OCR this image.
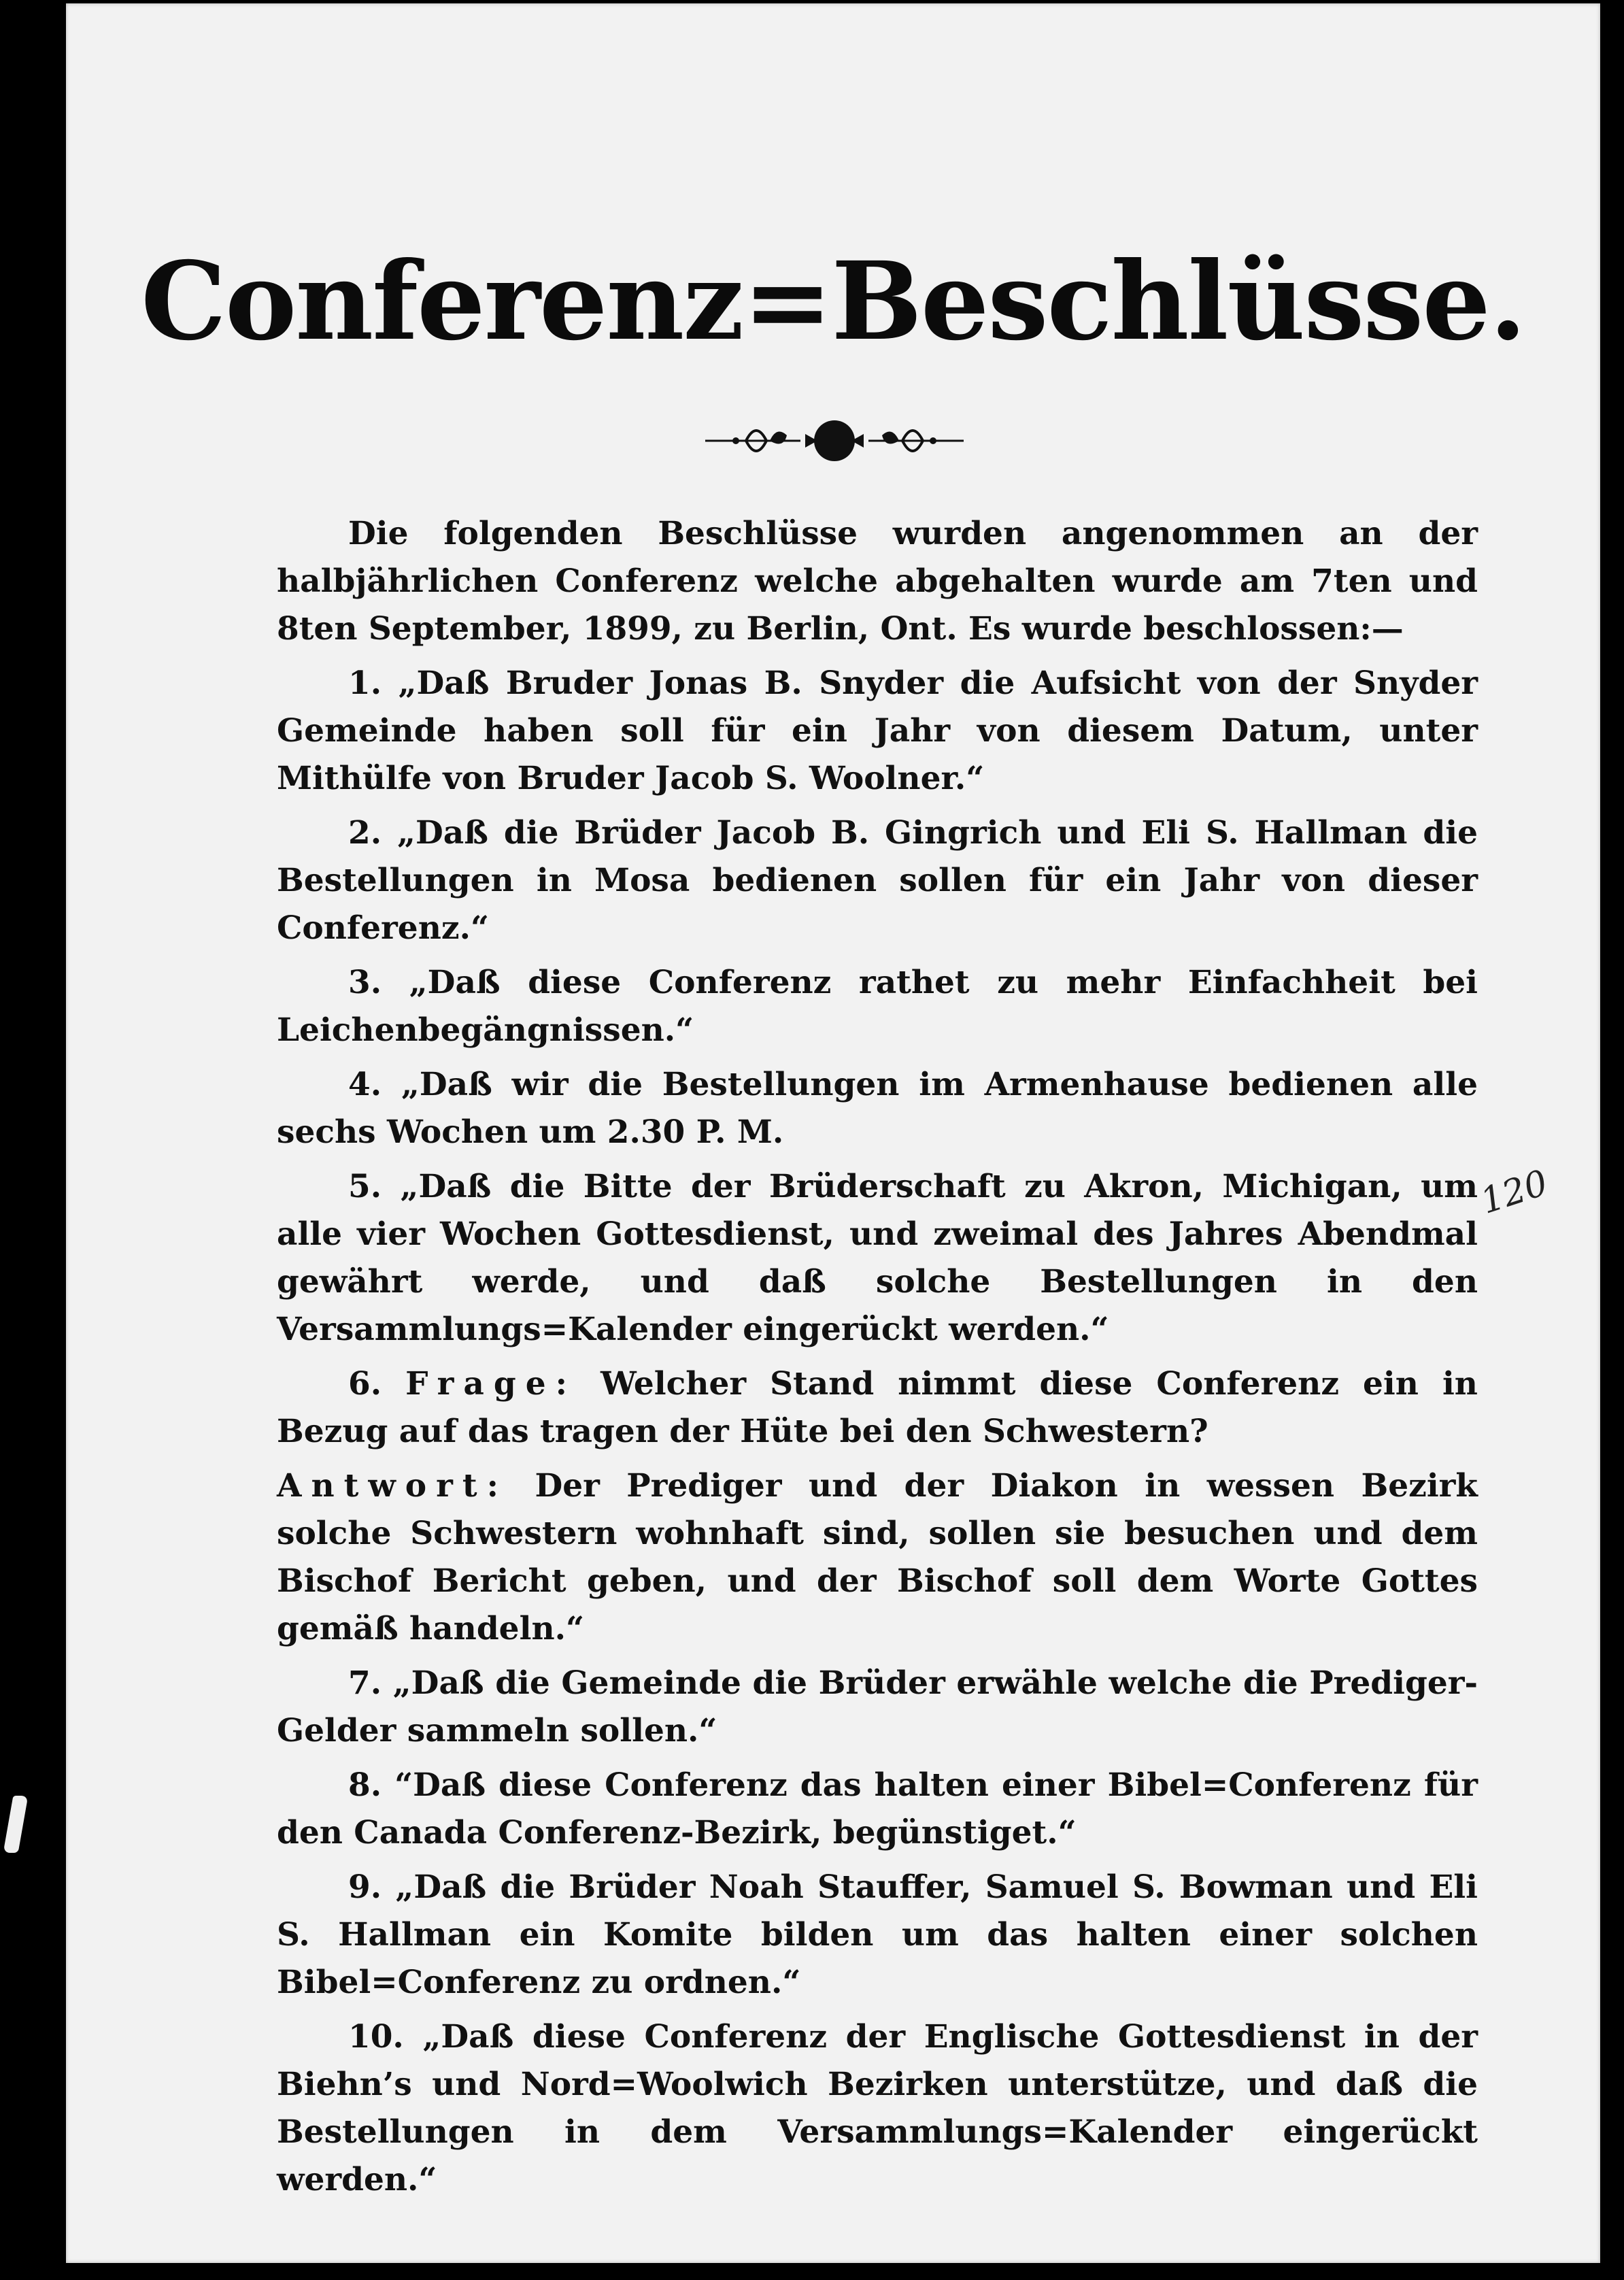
Conferenz=Beschlüsse.

Die folgenden Beschlüsse wurden angenommen an der halbjährlichen Conferenz welche abgehalten wurde am 7ten und 8ten September, 1899, zu Berlin, Ont. Es wurde beschlossen:—

1. „Daß Bruder Jonas B. Snyder die Aufsicht von der Snyder Gemeinde haben soll für ein Jahr von diesem Datum, unter Mithülfe von Bruder Jacob S. Woolner.“

2. „Daß die Brüder Jacob B. Gingrich und Eli S. Hallman die Bestellungen in Mosa bedienen sollen für ein Jahr von dieser Conferenz.“

3. „Daß diese Conferenz rathet zu mehr Einfachheit bei Leichenbegängnissen.“

4. „Daß wir die Bestellungen im Armenhause bedienen alle sechs Wochen um 2.30 P. M.

5. „Daß die Bitte der Brüderschaft zu Akron, Michigan, um alle vier Wochen Gottesdienst, und zweimal des Jahres Abendmal gewährt werde, und daß solche Bestellungen in den Versammlungs=Kalender eingerückt werden.“

6. Frage: Welcher Stand nimmt diese Conferenz ein in Bezug auf das tragen der Hüte bei den Schwestern?

Antwort: Der Prediger und der Diakon in wessen Bezirk solche Schwestern wohnhaft sind, sollen sie besuchen und dem Bischof Bericht geben, und der Bischof soll dem Worte Gottes gemäß handeln.“

7. „Daß die Gemeinde die Brüder erwähle welche die Prediger-Gelder sammeln sollen.“

8. “Daß diese Conferenz das halten einer Bibel=Conferenz für den Canada Conferenz-Bezirk, begünstiget.“

9. „Daß die Brüder Noah Stauffer, Samuel S. Bowman und Eli S. Hallman ein Komite bilden um das halten einer solchen Bibel=Conferenz zu ordnen.“

10. „Daß diese Conferenz der Englische Gottesdienst in der Biehn’s und Nord=Woolwich Bezirken unterstütze, und daß die Bestellungen in dem Versammlungs=Kalender eingerückt werden.“

120
